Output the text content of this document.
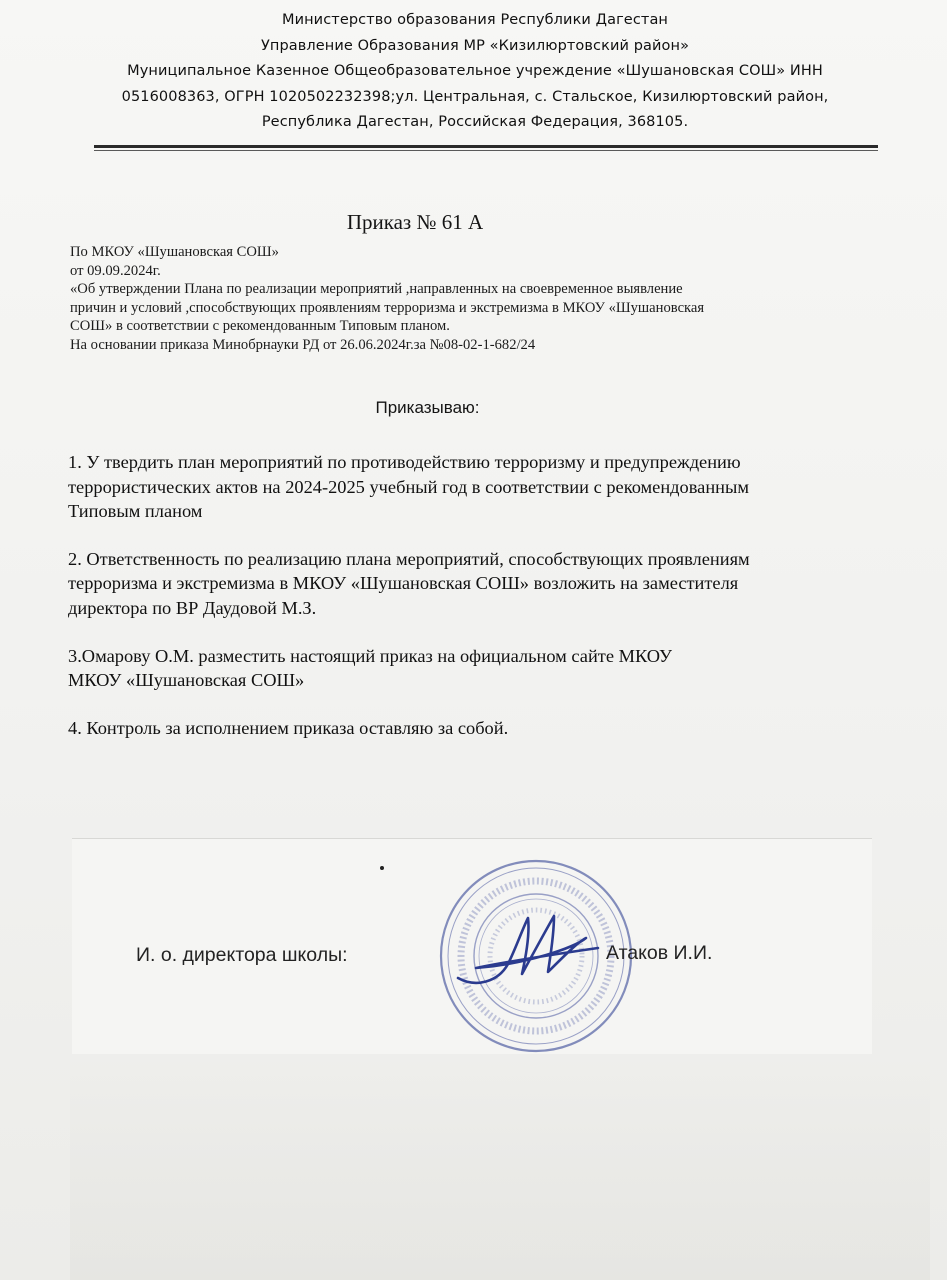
Министерство образования Республики Дагестан
Управление Образования МР «Кизилюртовский район»
Муниципальное Казенное Общеобразовательное учреждение «Шушановская СОШ» ИНН
0516008363, ОГРН 1020502232398;ул. Центральная, с. Стальское, Кизилюртовский район,
Республика Дагестан, Российская Федерация, 368105.
Приказ № 61 А
По МКОУ «Шушановская СОШ»
от 09.09.2024г.
«Об утверждении Плана по реализации мероприятий ,направленных на своевременное выявление
причин и условий ,способствующих проявлениям терроризма и экстремизма в МКОУ «Шушановская
СОШ» в соответствии с рекомендованным Типовым планом.
На основании приказа Минобрнауки РД от 26.06.2024г.за №08-02-1-682/24
Приказываю:

1. У твердить план мероприятий по противодействию терроризму и предупреждению
террористических актов на 2024-2025 учебный год в соответствии с рекомендованным
Типовым планом

2. Ответственность по реализацию плана мероприятий, способствующих проявлениям
терроризма и экстремизма в МКОУ «Шушановская СОШ» возложить на заместителя
директора по ВР Даудовой М.З.

3.Омарову О.М. разместить настоящий приказ на официальном сайте МКОУ
МКОУ «Шушановская СОШ»

4. Контроль за исполнением приказа оставляю за собой.

И. о. директора школы:	Атаков И.И.
